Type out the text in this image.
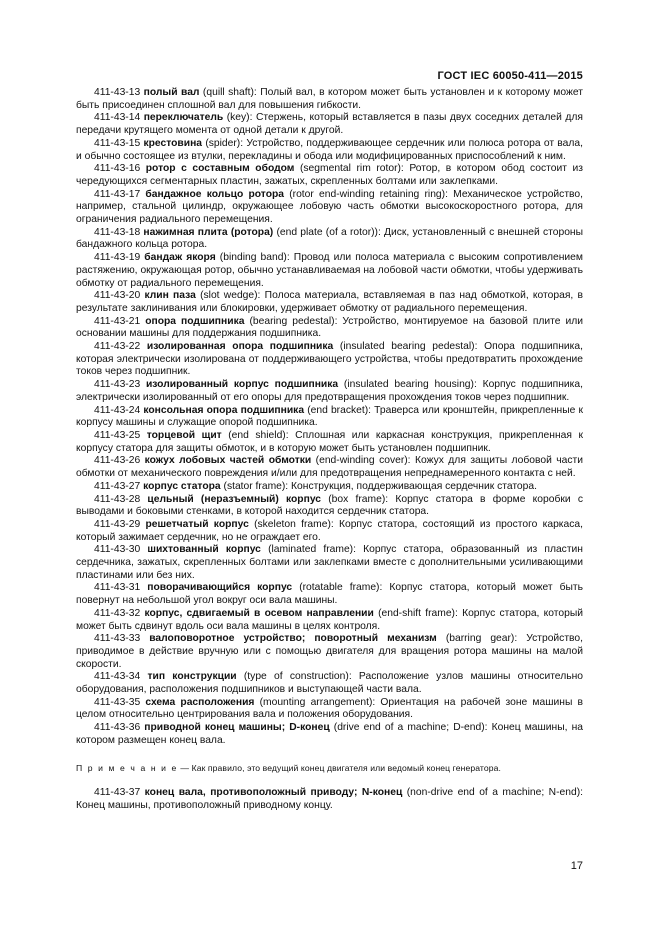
ГОСТ IEC 60050-411—2015

411-43-13 полый вал (quill shaft): Полый вал, в котором может быть установлен и к которому может быть присоединен сплошной вал для повышения гибкости.

411-43-14 переключатель (key): Стержень, который вставляется в пазы двух соседних деталей для передачи крутящего момента от одной детали к другой.

411-43-15 крестовина (spider): Устройство, поддерживающее сердечник или полюса ротора от вала, и обычно состоящее из втулки, перекладины и обода или модифицированных приспособлений к ним.

411-43-16 ротор с составным ободом (segmental rim rotor): Ротор, в котором обод состоит из чередующихся сегментарных пластин, зажатых, скрепленных болтами или заклепками.

411-43-17 бандажное кольцо ротора (rotor end-winding retaining ring): Механическое устройство, например, стальной цилиндр, окружающее лобовую часть обмотки высокоскоростного ротора, для ограничения радиального перемещения.

411-43-18 нажимная плита (ротора) (end plate (of a rotor)): Диск, установленный с внешней стороны бандажного кольца ротора.

411-43-19 бандаж якоря (binding band): Провод или полоса материала с высоким сопротивлением растяжению, окружающая ротор, обычно устанавливаемая на лобовой части обмотки, чтобы удерживать обмотку от радиального перемещения.

411-43-20 клин паза (slot wedge): Полоса материала, вставляемая в паз над обмоткой, которая, в результате заклинивания или блокировки, удерживает обмотку от радиального перемещения.

411-43-21 опора подшипника (bearing pedestal): Устройство, монтируемое на базовой плите или основании машины для поддержания подшипника.

411-43-22 изолированная опора подшипника (insulated bearing pedestal): Опора подшипника, которая электрически изолирована от поддерживающего устройства, чтобы предотвратить прохождение токов через подшипник.

411-43-23 изолированный корпус подшипника (insulated bearing housing): Корпус подшипника, электрически изолированный от его опоры для предотвращения прохождения токов через подшипник.

411-43-24 консольная опора подшипника (end bracket): Траверса или кронштейн, прикрепленные к корпусу машины и служащие опорой подшипника.

411-43-25 торцевой щит (end shield): Сплошная или каркасная конструкция, прикрепленная к корпусу статора для защиты обмоток, и в которую может быть установлен подшипник.

411-43-26 кожух лобовых частей обмотки (end-winding cover): Кожух для защиты лобовой части обмотки от механического повреждения и/или для предотвращения непреднамеренного контакта с ней.

411-43-27 корпус статора (stator frame): Конструкция, поддерживающая сердечник статора.

411-43-28 цельный (неразъемный) корпус (box frame): Корпус статора в форме коробки с выводами и боковыми стенками, в которой находится сердечник статора.

411-43-29 решетчатый корпус (skeleton frame): Корпус статора, состоящий из простого каркаса, который зажимает сердечник, но не ограждает его.

411-43-30 шихтованный корпус (laminated frame): Корпус статора, образованный из пластин сердечника, зажатых, скрепленных болтами или заклепками вместе с дополнительными усиливающими пластинами или без них.

411-43-31 поворачивающийся корпус (rotatable frame): Корпус статора, который может быть повернут на небольшой угол вокруг оси вала машины.

411-43-32 корпус, сдвигаемый в осевом направлении (end-shift frame): Корпус статора, который может быть сдвинут вдоль оси вала машины в целях контроля.

411-43-33 валоповоротное устройство; поворотный механизм (barring gear): Устройство, приводимое в действие вручную или с помощью двигателя для вращения ротора машины на малой скорости.

411-43-34 тип конструкции (type of construction): Расположение узлов машины относительно оборудования, расположения подшипников и выступающей части вала.

411-43-35 схема расположения (mounting arrangement): Ориентация на рабочей зоне машины в целом относительно центрирования вала и положения оборудования.

411-43-36 приводной конец машины; D-конец (drive end of a machine; D-end): Конец машины, на котором размещен конец вала.

П р и м е ч а н и е — Как правило, это ведущий конец двигателя или ведомый конец генератора.

411-43-37 конец вала, противоположный приводу; N-конец (non-drive end of a machine; N-end): Конец машины, противоположный приводному концу.

17
